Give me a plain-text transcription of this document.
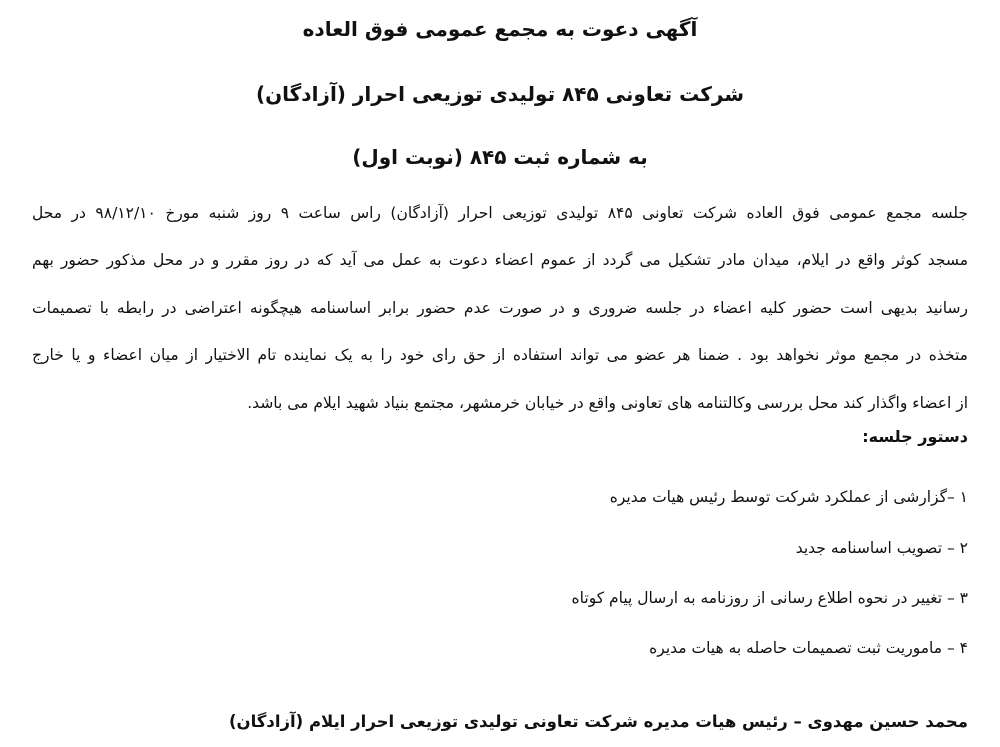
آگهی دعوت به مجمع عمومی فوق العاده
شرکت تعاونی ۸۴۵ تولیدی توزیعی احرار (آزادگان)
به شماره ثبت ۸۴۵ (نوبت اول)
جلسه مجمع عمومی فوق العاده شرکت تعاونی ۸۴۵ تولیدی توزیعی احرار (آزادگان) راس ساعت ۹ روز شنبه مورخ ۹۸/۱۲/۱۰ در محل
مسجد کوثر واقع در ایلام، میدان مادر تشکیل می گردد از عموم اعضاء دعوت به عمل می آید که در روز مقرر و در محل مذکور حضور بهم
رسانید بدیهی است حضور کلیه اعضاء در جلسه ضروری و در صورت عدم حضور برابر اساسنامه هیچگونه اعتراضی در رابطه با تصمیمات
متخذه در مجمع موثر نخواهد بود . ضمنا هر عضو می تواند استفاده از حق رای خود را به یک نماینده تام الاختیار از میان اعضاء و یا خارج
از اعضاء واگذار کند محل بررسی وکالتنامه های تعاونی واقع در خیابان خرمشهر، مجتمع بنیاد شهید ایلام می باشد.
دستور جلسه:
۱ –گزارشی از عملکرد شرکت توسط رئیس هیات مدیره
۲ – تصویب اساسنامه جدید
۳ – تغییر در نحوه اطلاع رسانی از روزنامه به ارسال پیام کوتاه
۴ – ماموریت ثبت تصمیمات حاصله به هیات مدیره
محمد حسین مهدوی – رئیس هیات مدیره شرکت تعاونی تولیدی توزیعی احرار ایلام (آزادگان)
